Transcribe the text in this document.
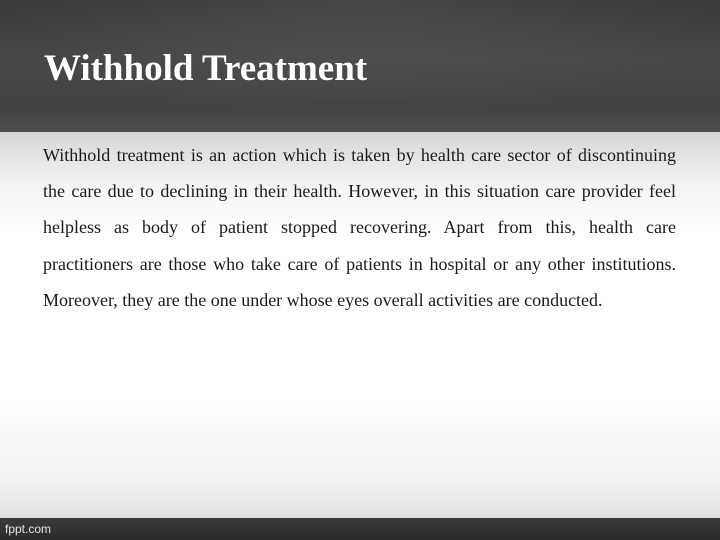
Withhold Treatment

Withhold treatment is an action which is taken by health care sector of discontinuing the care due to declining in their health. However, in this situation care provider feel helpless as body of patient stopped recovering. Apart from this, health care practitioners are those who take care of patients in hospital or any other institutions. Moreover, they are the one under whose eyes overall activities are conducted.

fppt.com
